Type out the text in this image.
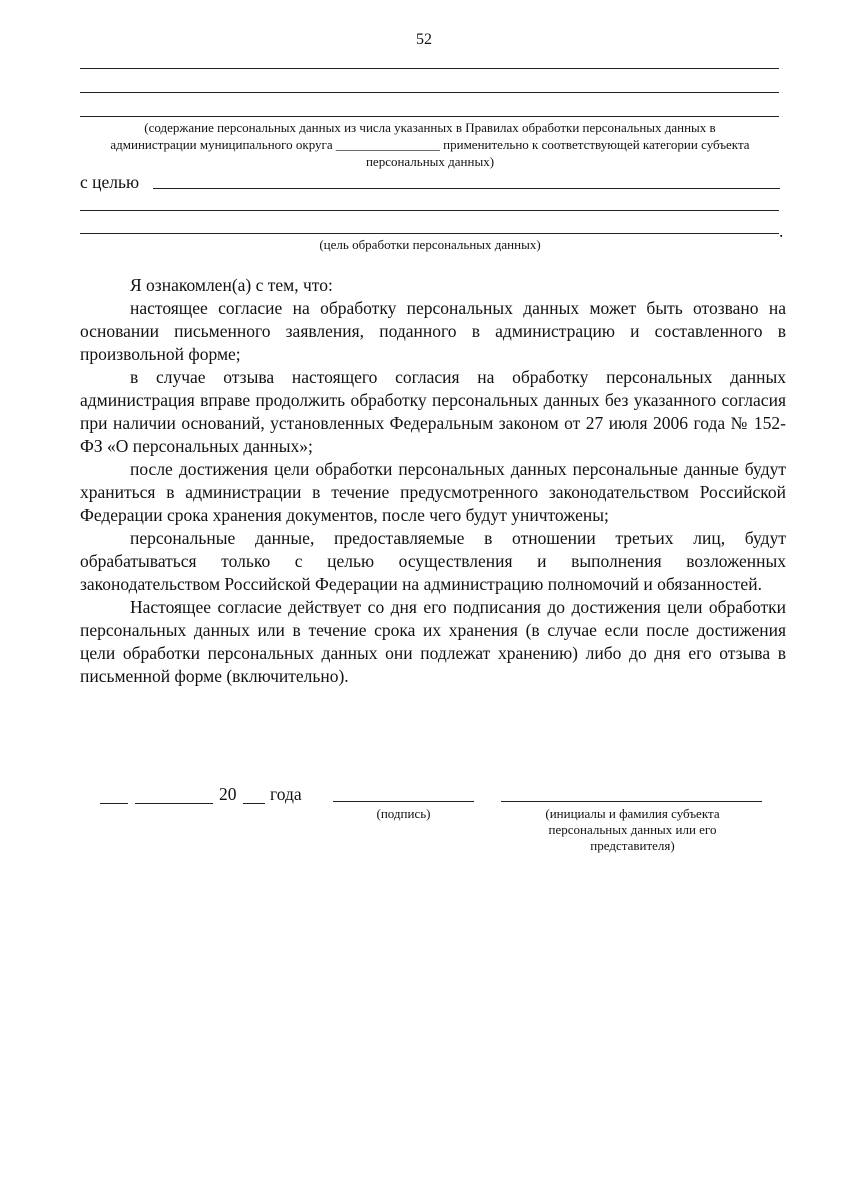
52
(содержание персональных данных из числа указанных в Правилах обработки персональных данных в администрации муниципального округа ________________ применительно к соответствующей категории субъекта персональных данных)
с целью
.
(цель обработки персональных данных)

Я ознакомлен(а) с тем, что:

настоящее согласие на обработку персональных данных может быть отозвано на основании письменного заявления, поданного в администрацию и составленного в произвольной форме;

в случае отзыва настоящего согласия на обработку персональных данных администрация вправе продолжить обработку персональных данных без указанного согласия при наличии оснований, установленных Федеральным законом от 27 июля 2006 года № 152-ФЗ «О персональных данных»;

после достижения цели обработки персональных данных персональные данные будут храниться в администрации в течение предусмотренного законодательством Российской Федерации срока хранения документов, после чего будут уничтожены;

персональные данные, предоставляемые в отношении третьих лиц, будут обрабатываться только с целью осуществления и выполнения возложенных законодательством Российской Федерации на администрацию полномочий и обязанностей.

Настоящее согласие действует со дня его подписания до достижения цели обработки персональных данных или в течение срока их хранения (в случае если после достижения цели обработки персональных данных они подлежат хранению) либо до дня его отзыва в письменной форме (включительно).

20 года
(подпись)	(инициалы и фамилия субъекта персональных данных или его представителя)
